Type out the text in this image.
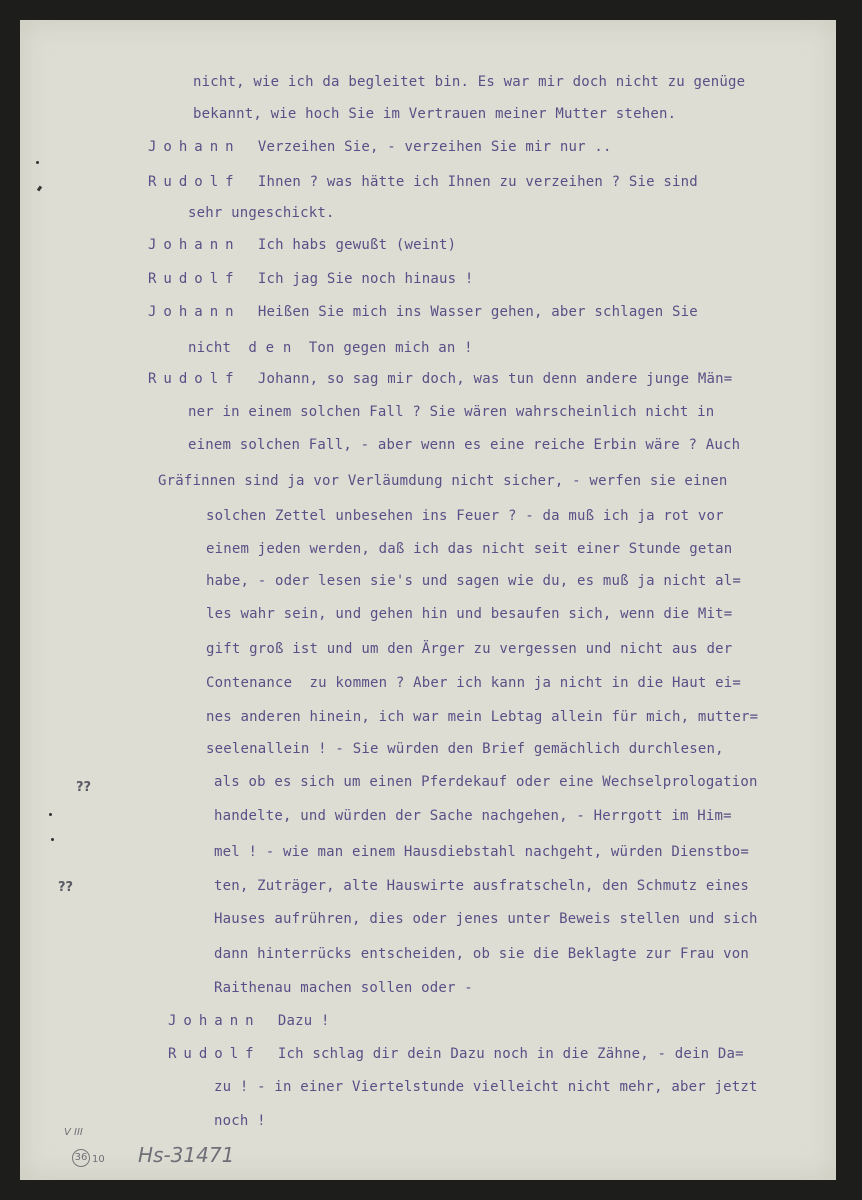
nicht, wie ich da begleitet bin. Es war mir doch nicht zu genüge
bekannt, wie hoch Sie im Vertrauen meiner Mutter stehen.
Johann Verzeihen Sie, - verzeihen Sie mir nur ..
Rudolf Ihnen ? was hätte ich Ihnen zu verzeihen ? Sie sind
sehr ungeschickt.
Johann Ich habs gewußt (weint)
Rudolf Ich jag Sie noch hinaus !
Johann Heißen Sie mich ins Wasser gehen, aber schlagen Sie
nicht  d e n  Ton gegen mich an !
Rudolf Johann, so sag mir doch, was tun denn andere junge Män=
ner in einem solchen Fall ? Sie wären wahrscheinlich nicht in
einem solchen Fall, - aber wenn es eine reiche Erbin wäre ? Auch
Gräfinnen sind ja vor Verläumdung nicht sicher, - werfen sie einen
solchen Zettel unbesehen ins Feuer ? - da muß ich ja rot vor
einem jeden werden, daß ich das nicht seit einer Stunde getan
habe, - oder lesen sie's und sagen wie du, es muß ja nicht al=
les wahr sein, und gehen hin und besaufen sich, wenn die Mit=
gift groß ist und um den Ärger zu vergessen und nicht aus der
Contenance  zu kommen ? Aber ich kann ja nicht in die Haut ei=
nes anderen hinein, ich war mein Lebtag allein für mich, mutter=
seelenallein ! - Sie würden den Brief gemächlich durchlesen,
als ob es sich um einen Pferdekauf oder eine Wechselprologation
handelte, und würden der Sache nachgehen, - Herrgott im Him=
mel ! - wie man einem Hausdiebstahl nachgeht, würden Dienstbo=
ten, Zuträger, alte Hauswirte ausfratscheln, den Schmutz eines
Hauses aufrühren, dies oder jenes unter Beweis stellen und sich
dann hinterrücks entscheiden, ob sie die Beklagte zur Frau von
Raithenau machen sollen oder -
Johann Dazu !
Rudolf Ich schlag dir dein Dazu noch in die Zähne, - dein Da=
zu ! - in einer Viertelstunde vielleicht nicht mehr, aber jetzt
noch !
??
??
V III
36 10 Hs-31471
